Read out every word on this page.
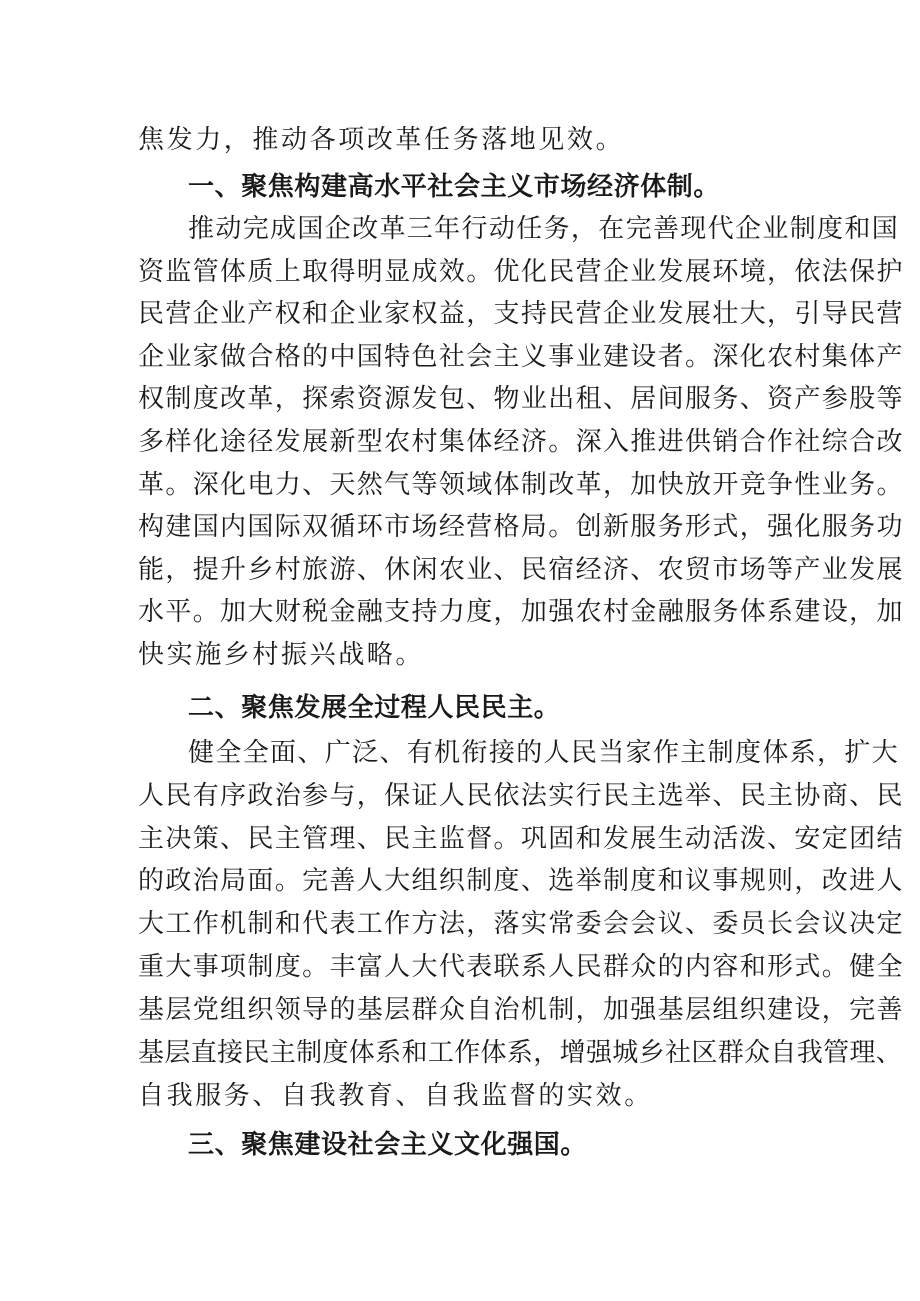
焦发力，推动各项改革任务落地见效。
一、聚焦构建高水平社会主义市场经济体制。
推动完成国企改革三年行动任务，在完善现代企业制度和国
资监管体质上取得明显成效。优化民营企业发展环境，依法保护
民营企业产权和企业家权益，支持民营企业发展壮大，引导民营
企业家做合格的中国特色社会主义事业建设者。深化农村集体产
权制度改革，探索资源发包、物业出租、居间服务、资产参股等
多样化途径发展新型农村集体经济。深入推进供销合作社综合改
革。深化电力、天然气等领域体制改革，加快放开竞争性业务。
构建国内国际双循环市场经营格局。创新服务形式，强化服务功
能，提升乡村旅游、休闲农业、民宿经济、农贸市场等产业发展
水平。加大财税金融支持力度，加强农村金融服务体系建设，加
快实施乡村振兴战略。
二、聚焦发展全过程人民民主。
健全全面、广泛、有机衔接的人民当家作主制度体系，扩大
人民有序政治参与，保证人民依法实行民主选举、民主协商、民
主决策、民主管理、民主监督。巩固和发展生动活泼、安定团结
的政治局面。完善人大组织制度、选举制度和议事规则，改进人
大工作机制和代表工作方法，落实常委会会议、委员长会议决定
重大事项制度。丰富人大代表联系人民群众的内容和形式。健全
基层党组织领导的基层群众自治机制，加强基层组织建设，完善
基层直接民主制度体系和工作体系，增强城乡社区群众自我管理、
自我服务、自我教育、自我监督的实效。
三、聚焦建设社会主义文化强国。
